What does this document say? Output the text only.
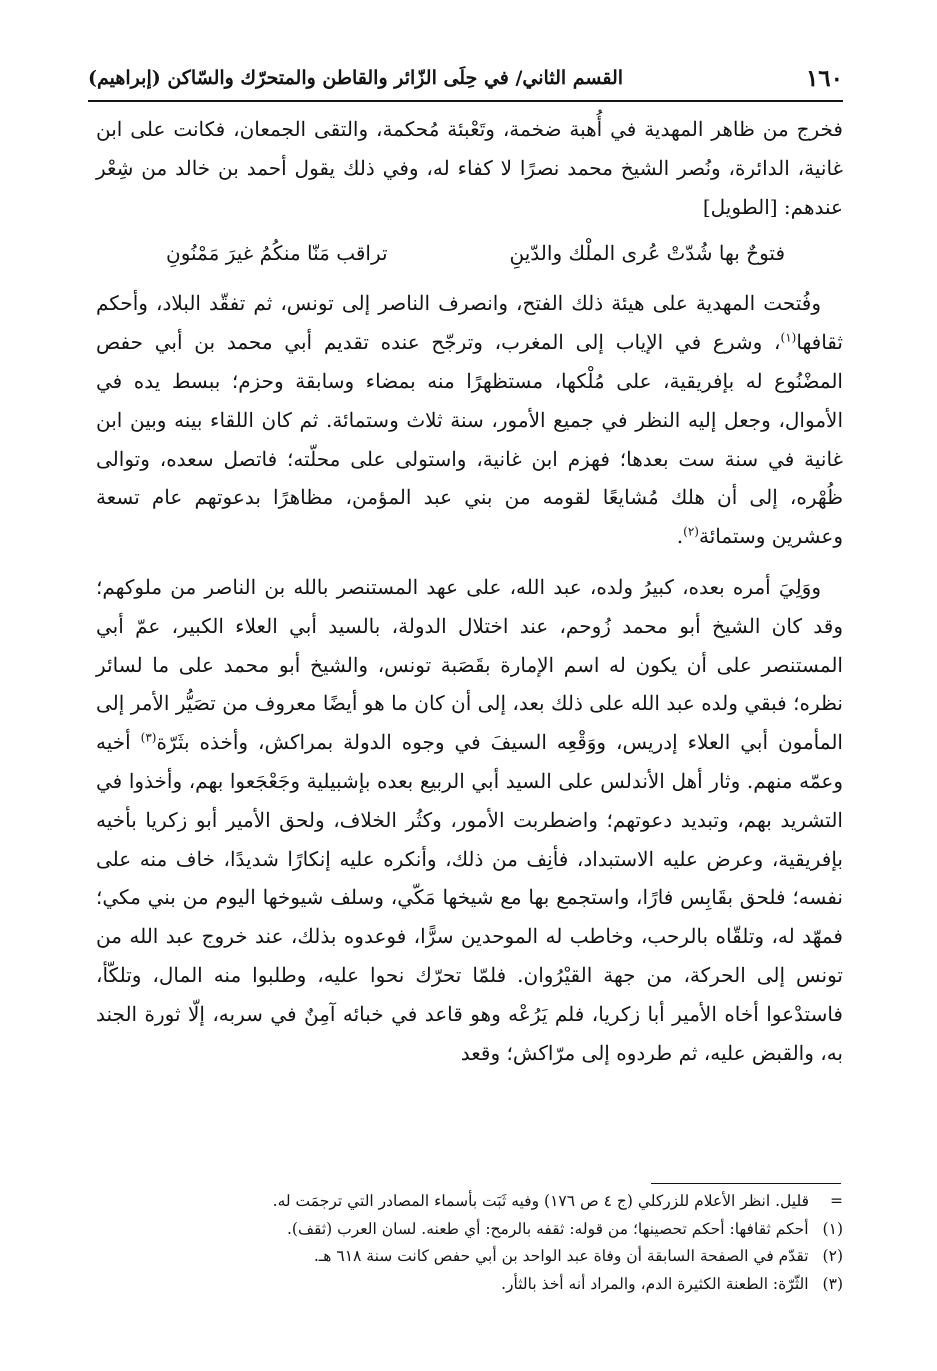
١٦٠
القسم الثاني/ في حِلَى الزّائر والقاطن والمتحرّك والسّاكن (إبراهيم)

فخرج من ظاهر المهدية في أُهبة ضخمة، وتَعْبئة مُحكمة، والتقى الجمعان، فكانت على ابن غانية، الدائرة، ونُصر الشيخ محمد نصرًا لا كفاء له، وفي ذلك يقول أحمد بن خالد من شِعْر عندهم: [الطويل]

فتوحٌ بها شُدّتْ عُرى الملْك والدّينِ
تراقب مَنّا منكُمُ غيرَ مَمْنُونِ

وفُتحت المهدية على هيئة ذلك الفتح، وانصرف الناصر إلى تونس، ثم تفقّد البلاد، وأحكم ثقافها$^{(١)}$، وشرع في الإياب إلى المغرب، وترجّح عنده تقديم أبي محمد بن أبي حفص المضْنُوع له بإفريقية، على مُلْكها، مستظهرًا منه بمضاء وسابقة وحزم؛ ببسط يده في الأموال، وجعل إليه النظر في جميع الأمور، سنة ثلاث وستمائة. ثم كان اللقاء بينه وبين ابن غانية في سنة ست بعدها؛ فهزم ابن غانية، واستولى على محلّته؛ فاتصل سعده، وتوالى ظُهْره، إلى أن هلك مُشايعًا لقومه من بني عبد المؤمن، مظاهرًا بدعوتهم عام تسعة وعشرين وستمائة$^{(٢)}$.

ووَلِيَ أمره بعده، كبيرُ ولده، عبد الله، على عهد المستنصر بالله بن الناصر من ملوكهم؛ وقد كان الشيخ أبو محمد زُوحم، عند اختلال الدولة، بالسيد أبي العلاء الكبير، عمّ أبي المستنصر على أن يكون له اسم الإمارة بقَصَبة تونس، والشيخ أبو محمد على ما لسائر نظره؛ فبقي ولده عبد الله على ذلك بعد، إلى أن كان ما هو أيضًا معروف من تصَيُّر الأمر إلى المأمون أبي العلاء إدريس، ووَقْعِه السيفَ في وجوه الدولة بمراكش، وأخذه بثَرّة$^{(٣)}$ أخيه وعمّه منهم. وثار أهل الأندلس على السيد أبي الربيع بعده بإشبيلية وجَعْجَعوا بهم، وأخذوا في التشريد بهم، وتبديد دعوتهم؛ واضطربت الأمور، وكثُر الخلاف، ولحق الأمير أبو زكريا بأخيه بإفريقية، وعرض عليه الاستبداد، فأنِف من ذلك، وأنكره عليه إنكارًا شديدًا، خاف منه على نفسه؛ فلحق بقَابِس فارًا، واستجمع بها مع شيخها مَكّي، وسلف شيوخها اليوم من بني مكي؛ فمهّد له، وتلقّاه بالرحب، وخاطب له الموحدين سرًّا، فوعدوه بذلك، عند خروج عبد الله من تونس إلى الحركة، من جهة القيْرُوان. فلمّا تحرّك نحوا عليه، وطلبوا منه المال، وتلكّأ، فاستدْعوا أخاه الأمير أبا زكريا، فلم يَرُعْه وهو قاعد في خبائه آمِنٌ في سربه، إلّا ثورة الجند به، والقبض عليه، ثم طردوه إلى مرّاكش؛ وقعد

=
قليل. انظر الأعلام للزركلي (ج ٤ ص ١٧٦) وفيه ثَبَت بأسماء المصادر التي ترجمَت له.
(١)
أحكم ثقافها: أحكم تحصينها؛ من قوله: ثقفه بالرمح: أي طعنه. لسان العرب (ثقف).
(٢)
تقدّم في الصفحة السابقة أن وفاة عبد الواحد بن أبي حفص كانت سنة ٦١٨ هـ.
(٣)
الثّرّة: الطعنة الكثيرة الدم، والمراد أنه أخذ بالثأر.
